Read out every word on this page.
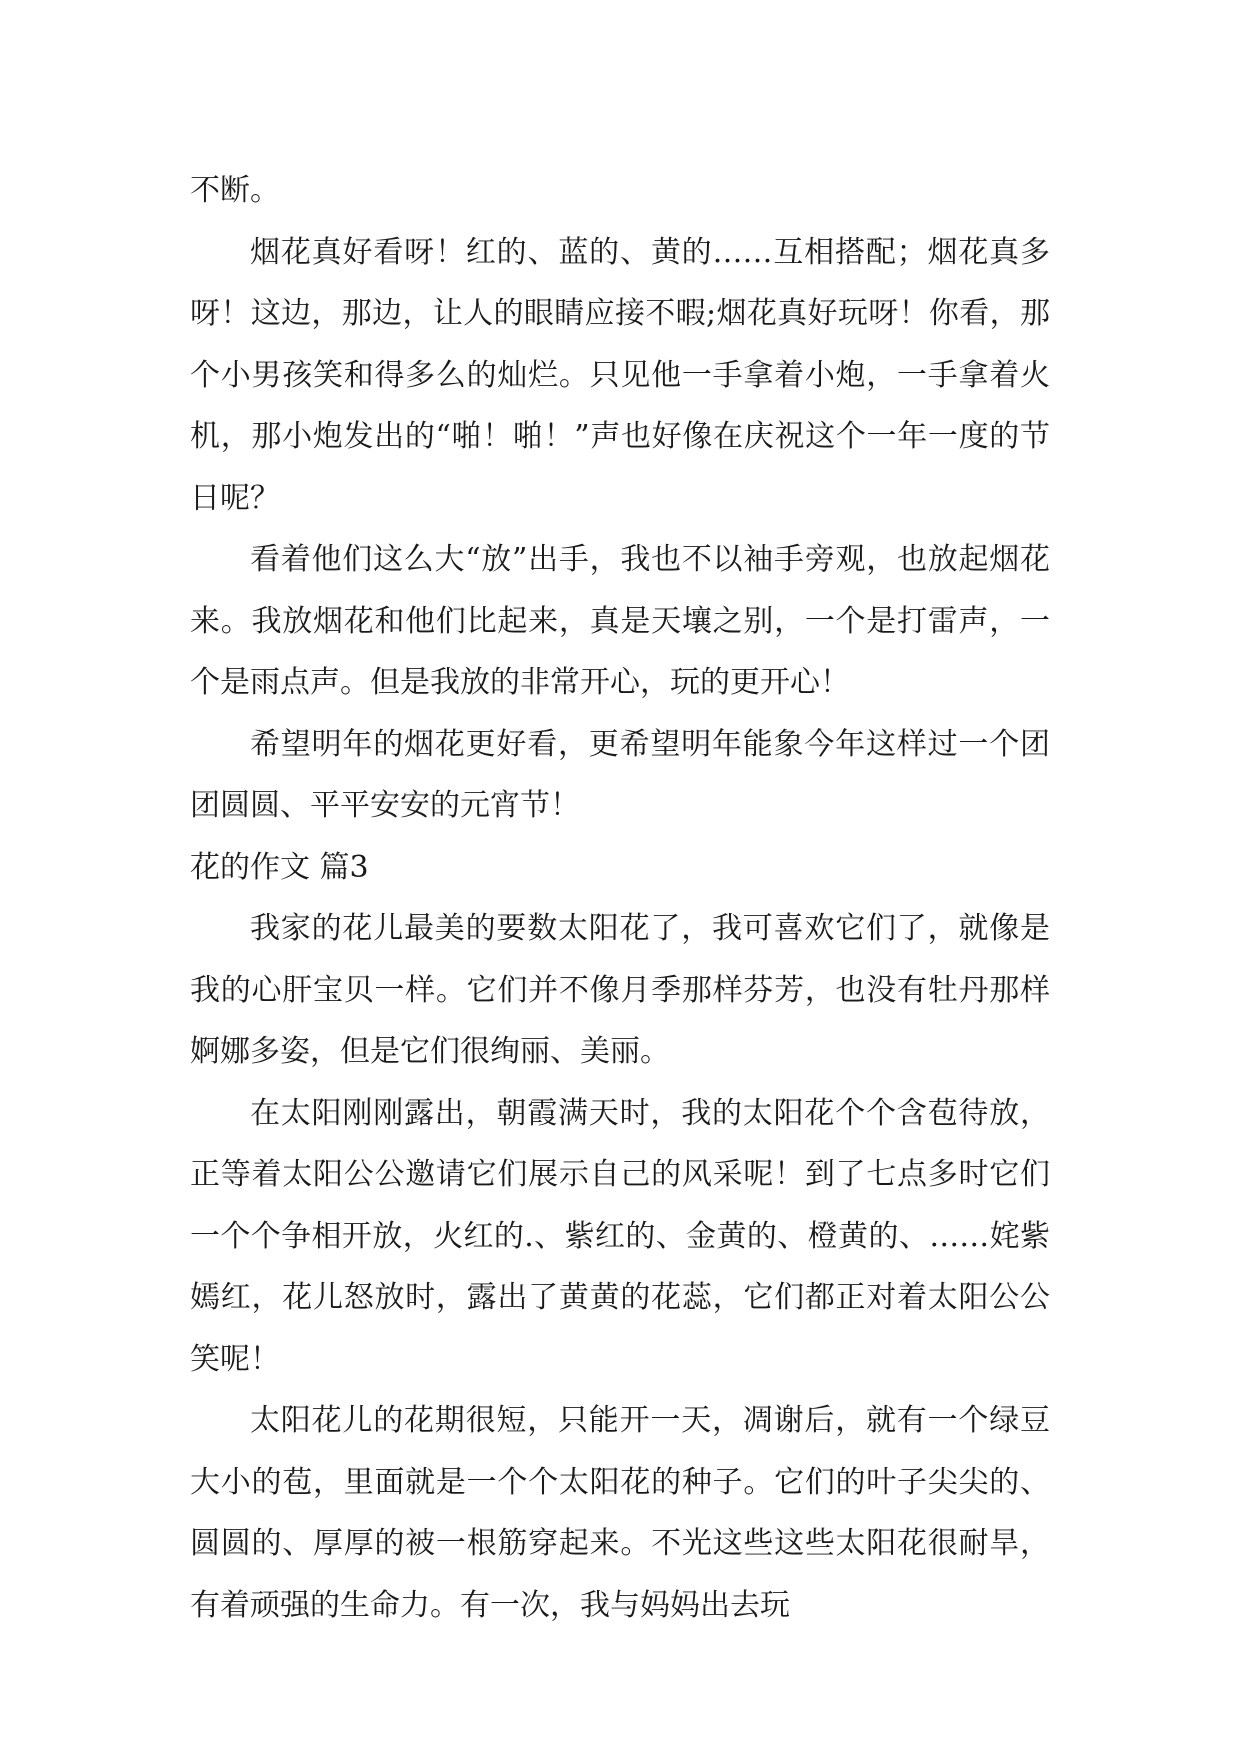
不断。

烟花真好看呀！红的、蓝的、黄的……互相搭配；烟花真多呀！这边，那边，让人的眼睛应接不暇;烟花真好玩呀！你看，那个小男孩笑和得多么的灿烂。只见他一手拿着小炮，一手拿着火机，那小炮发出的“啪！啪！”声也好像在庆祝这个一年一度的节日呢？

看着他们这么大“放”出手，我也不以袖手旁观，也放起烟花来。我放烟花和他们比起来，真是天壤之别，一个是打雷声，一个是雨点声。但是我放的非常开心，玩的更开心！

希望明年的烟花更好看，更希望明年能象今年这样过一个团团圆圆、平平安安的元宵节！

花的作文 篇3

我家的花儿最美的要数太阳花了，我可喜欢它们了，就像是我的心肝宝贝一样。它们并不像月季那样芬芳，也没有牡丹那样婀娜多姿，但是它们很绚丽、美丽。

在太阳刚刚露出，朝霞满天时，我的太阳花个个含苞待放，正等着太阳公公邀请它们展示自己的风采呢！到了七点多时它们一个个争相开放，火红的.、紫红的、金黄的、橙黄的、……姹紫嫣红，花儿怒放时，露出了黄黄的花蕊，它们都正对着太阳公公笑呢！

太阳花儿的花期很短，只能开一天，凋谢后，就有一个绿豆大小的苞，里面就是一个个太阳花的种子。它们的叶子尖尖的、圆圆的、厚厚的被一根筋穿起来。不光这些这些太阳花很耐旱，有着顽强的生命力。有一次，我与妈妈出去玩
